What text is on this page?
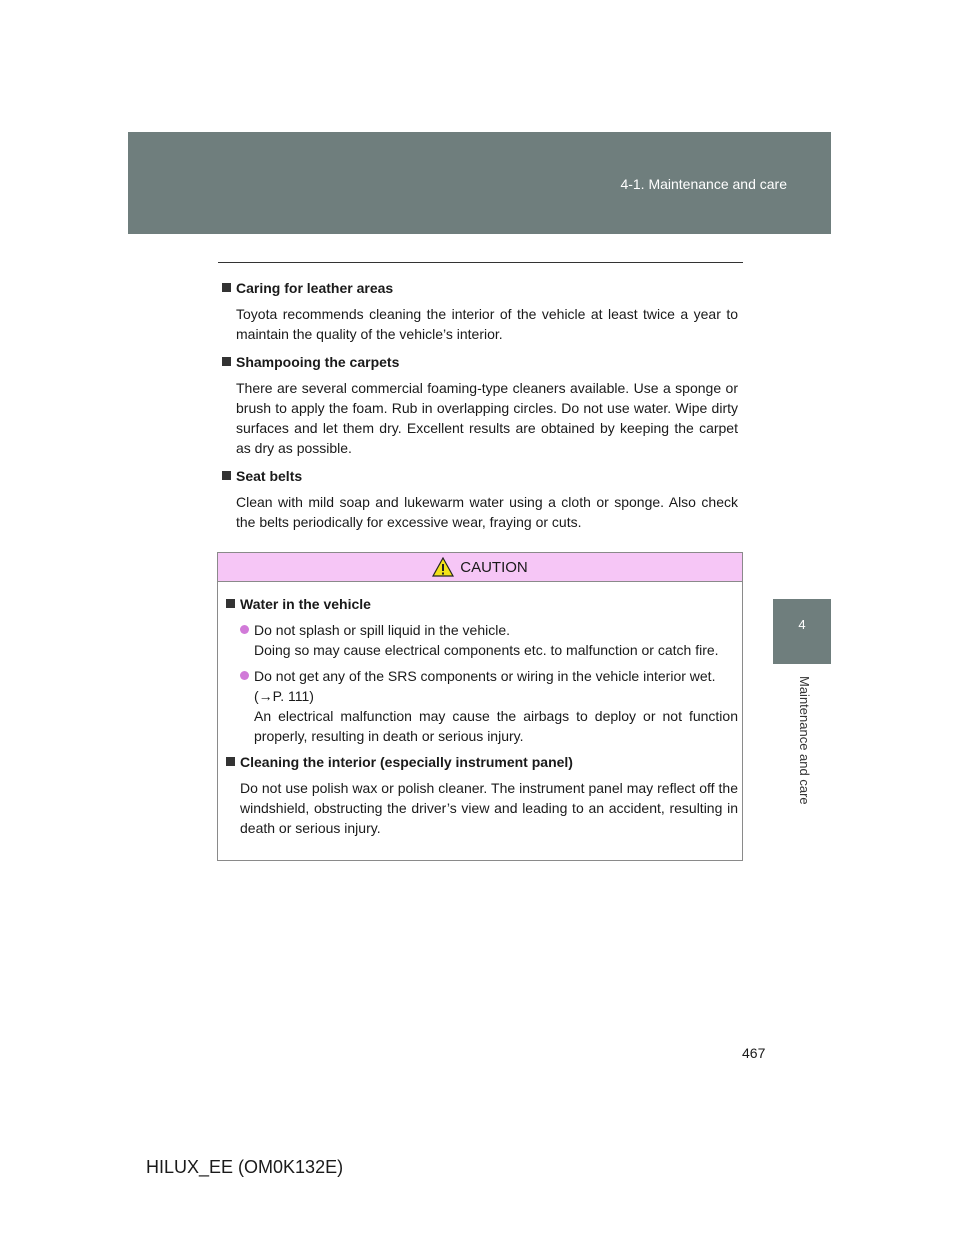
4-1. Maintenance and care
4
Maintenance and care
Caring for leather areas
Toyota recommends cleaning the interior of the vehicle at least twice a year to maintain the quality of the vehicle’s interior.
Shampooing the carpets
There are several commercial foaming-type cleaners available. Use a sponge or brush to apply the foam. Rub in overlapping circles. Do not use water. Wipe dirty surfaces and let them dry. Excellent results are obtained by keeping the carpet as dry as possible.
Seat belts
Clean with mild soap and lukewarm water using a cloth or sponge. Also check the belts periodically for excessive wear, fraying or cuts.
CAUTION
Water in the vehicle
Do not splash or spill liquid in the vehicle.
Doing so may cause electrical components etc. to malfunction or catch fire.
Do not get any of the SRS components or wiring in the vehicle interior wet.
(→P. 111)
An electrical malfunction may cause the airbags to deploy or not function properly, resulting in death or serious injury.
Cleaning the interior (especially instrument panel)
Do not use polish wax or polish cleaner. The instrument panel may reflect off the windshield, obstructing the driver’s view and leading to an accident, resulting in death or serious injury.
467
HILUX_EE (OM0K132E)
